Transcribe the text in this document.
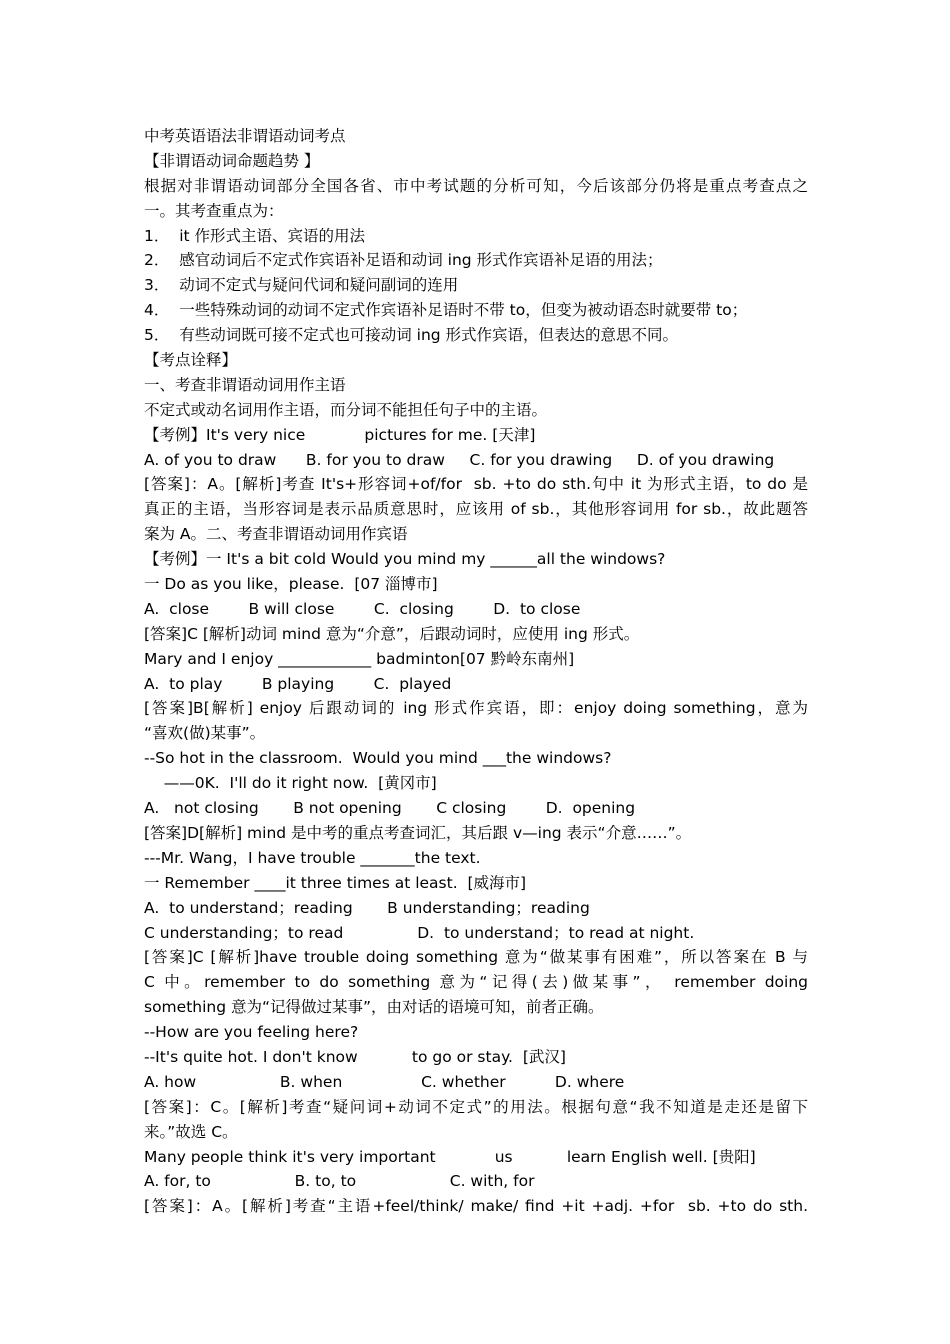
中考英语语法非谓语动词考点
【非谓语动词命题趋势 】
根据对非谓语动词部分全国各省、市中考试题的分析可知，今后该部分仍将是重点考查点之
一。其考查重点为：
1．  it 作形式主语、宾语的用法
2．  感官动词后不定式作宾语补足语和动词 ing 形式作宾语补足语的用法；
3．  动词不定式与疑问代词和疑问副词的连用
4．  一些特殊动词的动词不定式作宾语补足语时不带 to，但变为被动语态时就要带 to；
5．  有些动词既可接不定式也可接动词 ing 形式作宾语，但表达的意思不同。
【考点诠释】
一、考查非谓语动词用作主语
不定式或动名词用作主语，而分词不能担任句子中的主语。
【考例】It's very nice            pictures for me. [天津]
A. of you to draw      B. for you to draw     C. for you drawing     D. of you drawing
[答案]：A。[解析]考查 It's+形容词+of/for  sb. +to do sth.句中 it 为形式主语，to do 是
真正的主语，当形容词是表示品质意思时，应该用 of sb.，其他形容词用 for sb.，故此题答
案为 A。二、考查非谓语动词用作宾语
【考例】一 It's a bit cold Would you mind my ______all the windows?
一 Do as you like，please.  [07 淄博市]
A.  close        B will close        C.  closing        D.  to close
[答案]C [解析]动词 mind 意为“介意”，后跟动词时，应使用 ing 形式。
Mary and I enjoy ____________ badminton[07 黔岭东南州]
A.  to play        B playing        C.  played
[答案]B[解析] enjoy 后跟动词的 ing 形式作宾语，即：enjoy doing something，意为
“喜欢(做)某事”。
--So hot in the classroom.  Would you mind ___the windows?
——0K.  I'll do it right now.  [黄冈市]
A.   not closing       B not opening       C closing        D.  opening
[答案]D[解析] mind 是中考的重点考查词汇，其后跟 v—ing 表示“介意……”。
---Mr. Wang，I have trouble _______the text.
一 Remember ____it three times at least.  [威海市]
A.  to understand；reading       B understanding；reading
C understanding；to read               D.  to understand；to read at night.
[答案]C [解析]have trouble doing something 意为“做某事有困难”，所以答案在 B 与
C 中。remember to do something 意为“记得(去)做某事”， remember doing
something 意为“记得做过某事”，由对话的语境可知，前者正确。
--How are you feeling here?
--It's quite hot. I don't know           to go or stay.  [武汉]
A. how                 B. when                C. whether          D. where
[答案]：C。[解析]考查“疑问词+动词不定式”的用法。根据句意“我不知道是走还是留下
来。”故选 C。
Many people think it's very important            us           learn English well. [贵阳]
A. for, to                 B. to, to                   C. with, for
[答案]：A。[解析]考查“主语+feel/think/ make/ find +it +adj. +for  sb. +to do sth.
